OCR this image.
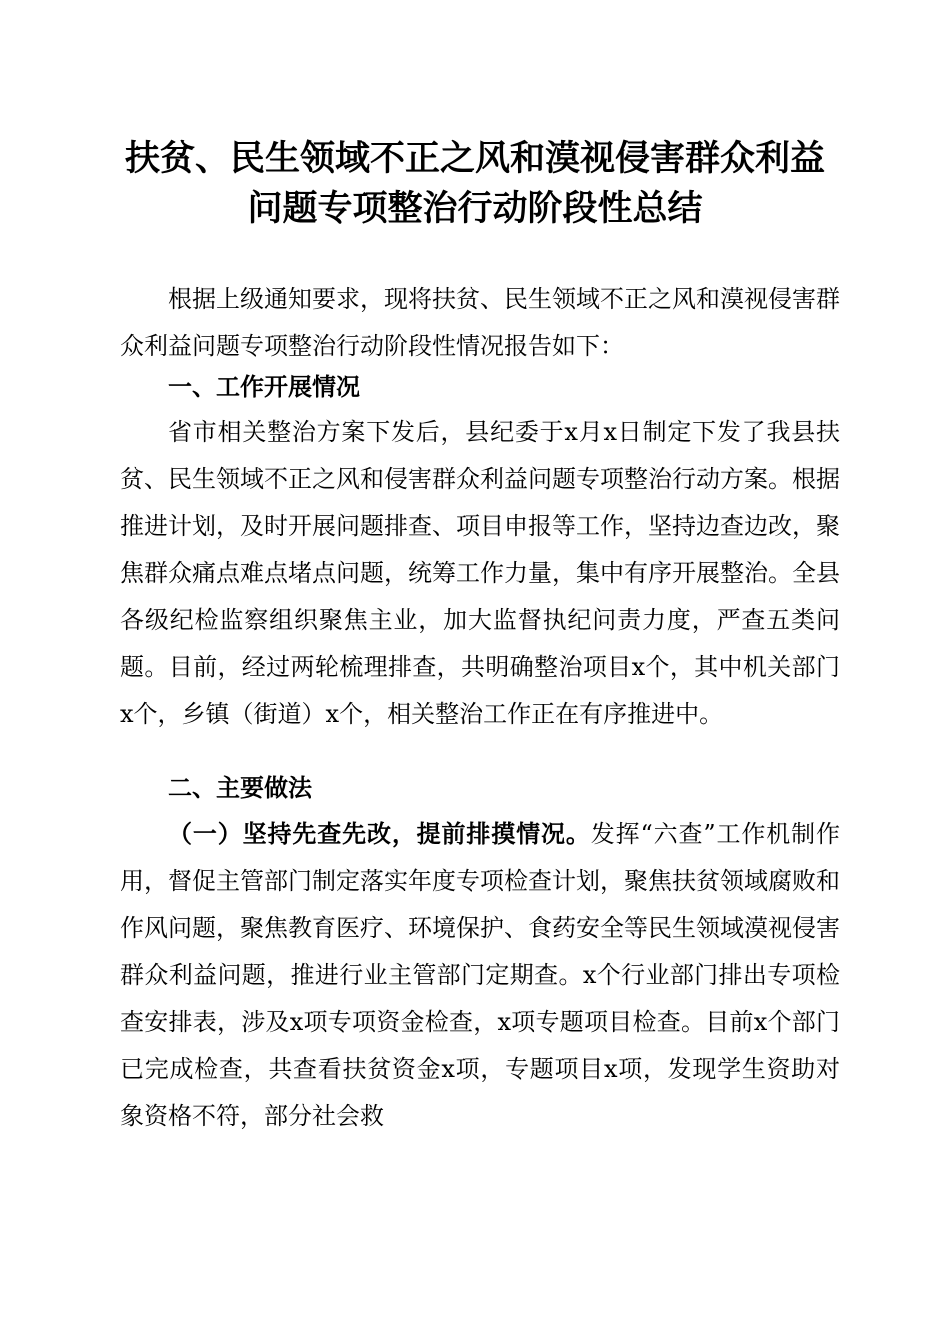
扶贫、民生领域不正之风和漠视侵害群众利益
问题专项整治行动阶段性总结

根据上级通知要求，现将扶贫、民生领域不正之风和漠视侵害群众利益问题专项整治行动阶段性情况报告如下：

一、工作开展情况

省市相关整治方案下发后，县纪委于x月x日制定下发了我县扶贫、民生领域不正之风和侵害群众利益问题专项整治行动方案。根据推进计划，及时开展问题排查、项目申报等工作，坚持边查边改，聚焦群众痛点难点堵点问题，统筹工作力量，集中有序开展整治。全县各级纪检监察组织聚焦主业，加大监督执纪问责力度，严查五类问题。目前，经过两轮梳理排查，共明确整治项目x个，其中机关部门x个，乡镇（街道）x个，相关整治工作正在有序推进中。

二、主要做法

（一）坚持先查先改，提前排摸情况。发挥“六查”工作机制作用，督促主管部门制定落实年度专项检查计划，聚焦扶贫领域腐败和作风问题，聚焦教育医疗、环境保护、食药安全等民生领域漠视侵害群众利益问题，推进行业主管部门定期查。x个行业部门排出专项检查安排表，涉及x项专项资金检查，x项专题项目检查。目前x个部门已完成检查，共查看扶贫资金x项，专题项目x项，发现学生资助对象资格不符，部分社会救
